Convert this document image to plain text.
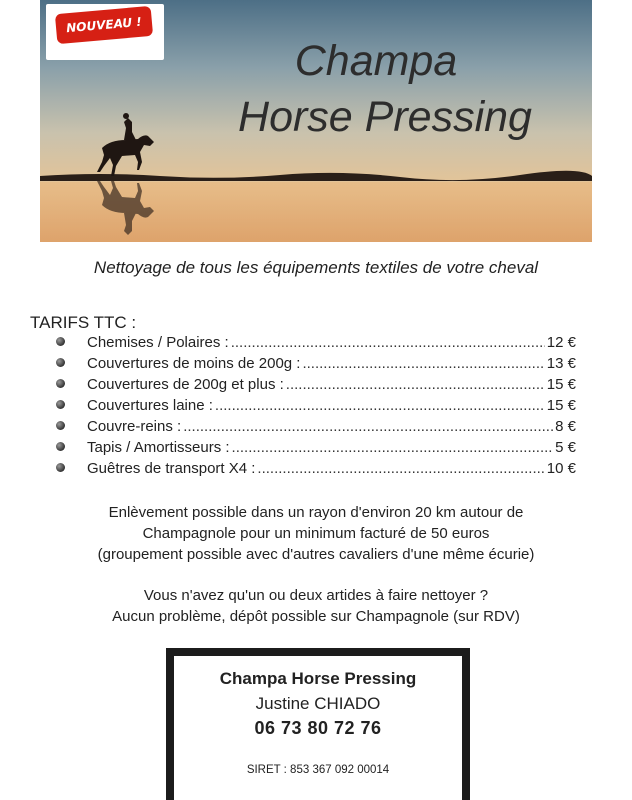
Champa
Horse Pressing
NOUVEAU !
Nettoyage de tous les équipements textiles de votre cheval
TARIFS TTC :
Chemises / Polaires : .....	12 €
Couvertures de moins de 200g : .....	13 €
Couvertures de 200g et plus : .....	15 €
Couvertures laine : .....	15 €
Couvre-reins : .....	8 €
Tapis / Amortisseurs : .....	5 €
Guêtres de transport X4 : .....	10 €
Enlèvement possible dans un rayon d'environ 20 km autour de
Champagnole pour un minimum facturé de 50 euros
(groupement possible avec d'autres cavaliers d'une même écurie)
Vous n'avez qu'un ou deux artides à faire nettoyer ?
Aucun problème, dépôt possible sur Champagnole (sur RDV)
Champa Horse Pressing
Justine CHIADO
06 73 80 72 76
SIRET : 853 367 092 00014
